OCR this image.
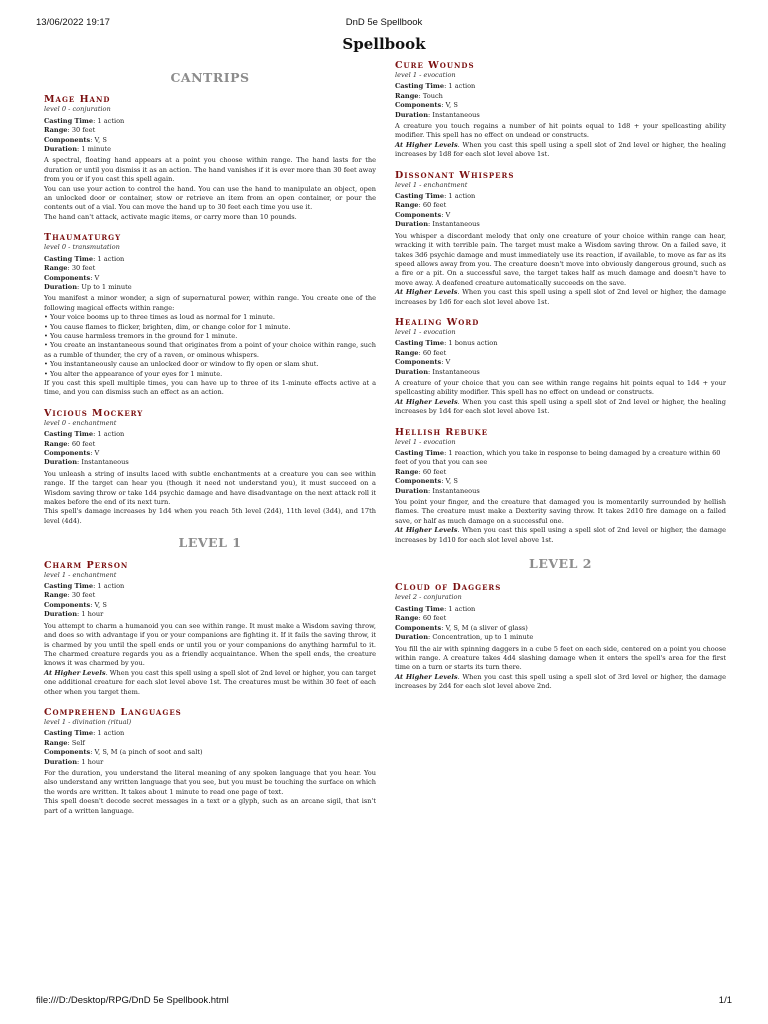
13/06/2022 19:17	DnD 5e Spellbook
Spellbook
CANTRIPS
Mage Hand
level 0 - conjuration
Casting Time: 1 action
Range: 30 feet
Components: V, S
Duration: 1 minute

A spectral, floating hand appears at a point you choose within range. The hand lasts for the duration or until you dismiss it as an action. The hand vanishes if it is ever more than 30 feet away from you or if you cast this spell again.

You can use your action to control the hand. You can use the hand to manipulate an object, open an unlocked door or container, stow or retrieve an item from an open container, or pour the contents out of a vial. You can move the hand up to 30 feet each time you use it.

The hand can't attack, activate magic items, or carry more than 10 pounds.

Thaumaturgy
level 0 - transmutation
Casting Time: 1 action
Range: 30 feet
Components: V
Duration: Up to 1 minute

You manifest a minor wonder, a sign of supernatural power, within range. You create one of the following magical effects within range:

• Your voice booms up to three times as loud as normal for 1 minute.

• You cause flames to flicker, brighten, dim, or change color for 1 minute.

• You cause harmless tremors in the ground for 1 minute.

• You create an instantaneous sound that originates from a point of your choice within range, such as a rumble of thunder, the cry of a raven, or ominous whispers.

• You instantaneously cause an unlocked door or window to fly open or slam shut.

• You alter the appearance of your eyes for 1 minute.

If you cast this spell multiple times, you can have up to three of its 1-minute effects active at a time, and you can dismiss such an effect as an action.

Vicious Mockery
level 0 - enchantment
Casting Time: 1 action
Range: 60 feet
Components: V
Duration: Instantaneous

You unleash a string of insults laced with subtle enchantments at a creature you can see within range. If the target can hear you (though it need not understand you), it must succeed on a Wisdom saving throw or take 1d4 psychic damage and have disadvantage on the next attack roll it makes before the end of its next turn.

This spell's damage increases by 1d4 when you reach 5th level (2d4), 11th level (3d4), and 17th level (4d4).

LEVEL 1
Charm Person
level 1 - enchantment
Casting Time: 1 action
Range: 30 feet
Components: V, S
Duration: 1 hour

You attempt to charm a humanoid you can see within range. It must make a Wisdom saving throw, and does so with advantage if you or your companions are fighting it. If it fails the saving throw, it is charmed by you until the spell ends or until you or your companions do anything harmful to it. The charmed creature regards you as a friendly acquaintance. When the spell ends, the creature knows it was charmed by you.

At Higher Levels. When you cast this spell using a spell slot of 2nd level or higher, you can target one additional creature for each slot level above 1st. The creatures must be within 30 feet of each other when you target them.

Comprehend Languages
level 1 - divination (ritual)
Casting Time: 1 action
Range: Self
Components: V, S, M (a pinch of soot and salt)
Duration: 1 hour

For the duration, you understand the literal meaning of any spoken language that you hear. You also understand any written language that you see, but you must be touching the surface on which the words are written. It takes about 1 minute to read one page of text.

This spell doesn't decode secret messages in a text or a glyph, such as an arcane sigil, that isn't part of a written language.

Cure Wounds
level 1 - evocation
Casting Time: 1 action
Range: Touch
Components: V, S
Duration: Instantaneous

A creature you touch regains a number of hit points equal to 1d8 + your spellcasting ability modifier. This spell has no effect on undead or constructs.

At Higher Levels. When you cast this spell using a spell slot of 2nd level or higher, the healing increases by 1d8 for each slot level above 1st.

Dissonant Whispers
level 1 - enchantment
Casting Time: 1 action
Range: 60 feet
Components: V
Duration: Instantaneous

You whisper a discordant melody that only one creature of your choice within range can hear, wracking it with terrible pain. The target must make a Wisdom saving throw. On a failed save, it takes 3d6 psychic damage and must immediately use its reaction, if available, to move as far as its speed allows away from you. The creature doesn't move into obviously dangerous ground, such as a fire or a pit. On a successful save, the target takes half as much damage and doesn't have to move away. A deafened creature automatically succeeds on the save.

At Higher Levels. When you cast this spell using a spell slot of 2nd level or higher, the damage increases by 1d6 for each slot level above 1st.

Healing Word
level 1 - evocation
Casting Time: 1 bonus action
Range: 60 feet
Components: V
Duration: Instantaneous

A creature of your choice that you can see within range regains hit points equal to 1d4 + your spellcasting ability modifier. This spell has no effect on undead or constructs.

At Higher Levels. When you cast this spell using a spell slot of 2nd level or higher, the healing increases by 1d4 for each slot level above 1st.

Hellish Rebuke
level 1 - evocation
Casting Time: 1 reaction, which you take in response to being damaged by a creature within 60 feet of you that you can see
Range: 60 feet
Components: V, S
Duration: Instantaneous

You point your finger, and the creature that damaged you is momentarily surrounded by hellish flames. The creature must make a Dexterity saving throw. It takes 2d10 fire damage on a failed save, or half as much damage on a successful one.

At Higher Levels. When you cast this spell using a spell slot of 2nd level or higher, the damage increases by 1d10 for each slot level above 1st.

LEVEL 2
Cloud of Daggers
level 2 - conjuration
Casting Time: 1 action
Range: 60 feet
Components: V, S, M (a sliver of glass)
Duration: Concentration, up to 1 minute

You fill the air with spinning daggers in a cube 5 feet on each side, centered on a point you choose within range. A creature takes 4d4 slashing damage when it enters the spell's area for the first time on a turn or starts its turn there.

At Higher Levels. When you cast this spell using a spell slot of 3rd level or higher, the damage increases by 2d4 for each slot level above 2nd.

file:///D:/Desktop/RPG/DnD 5e Spellbook.html	1/1
